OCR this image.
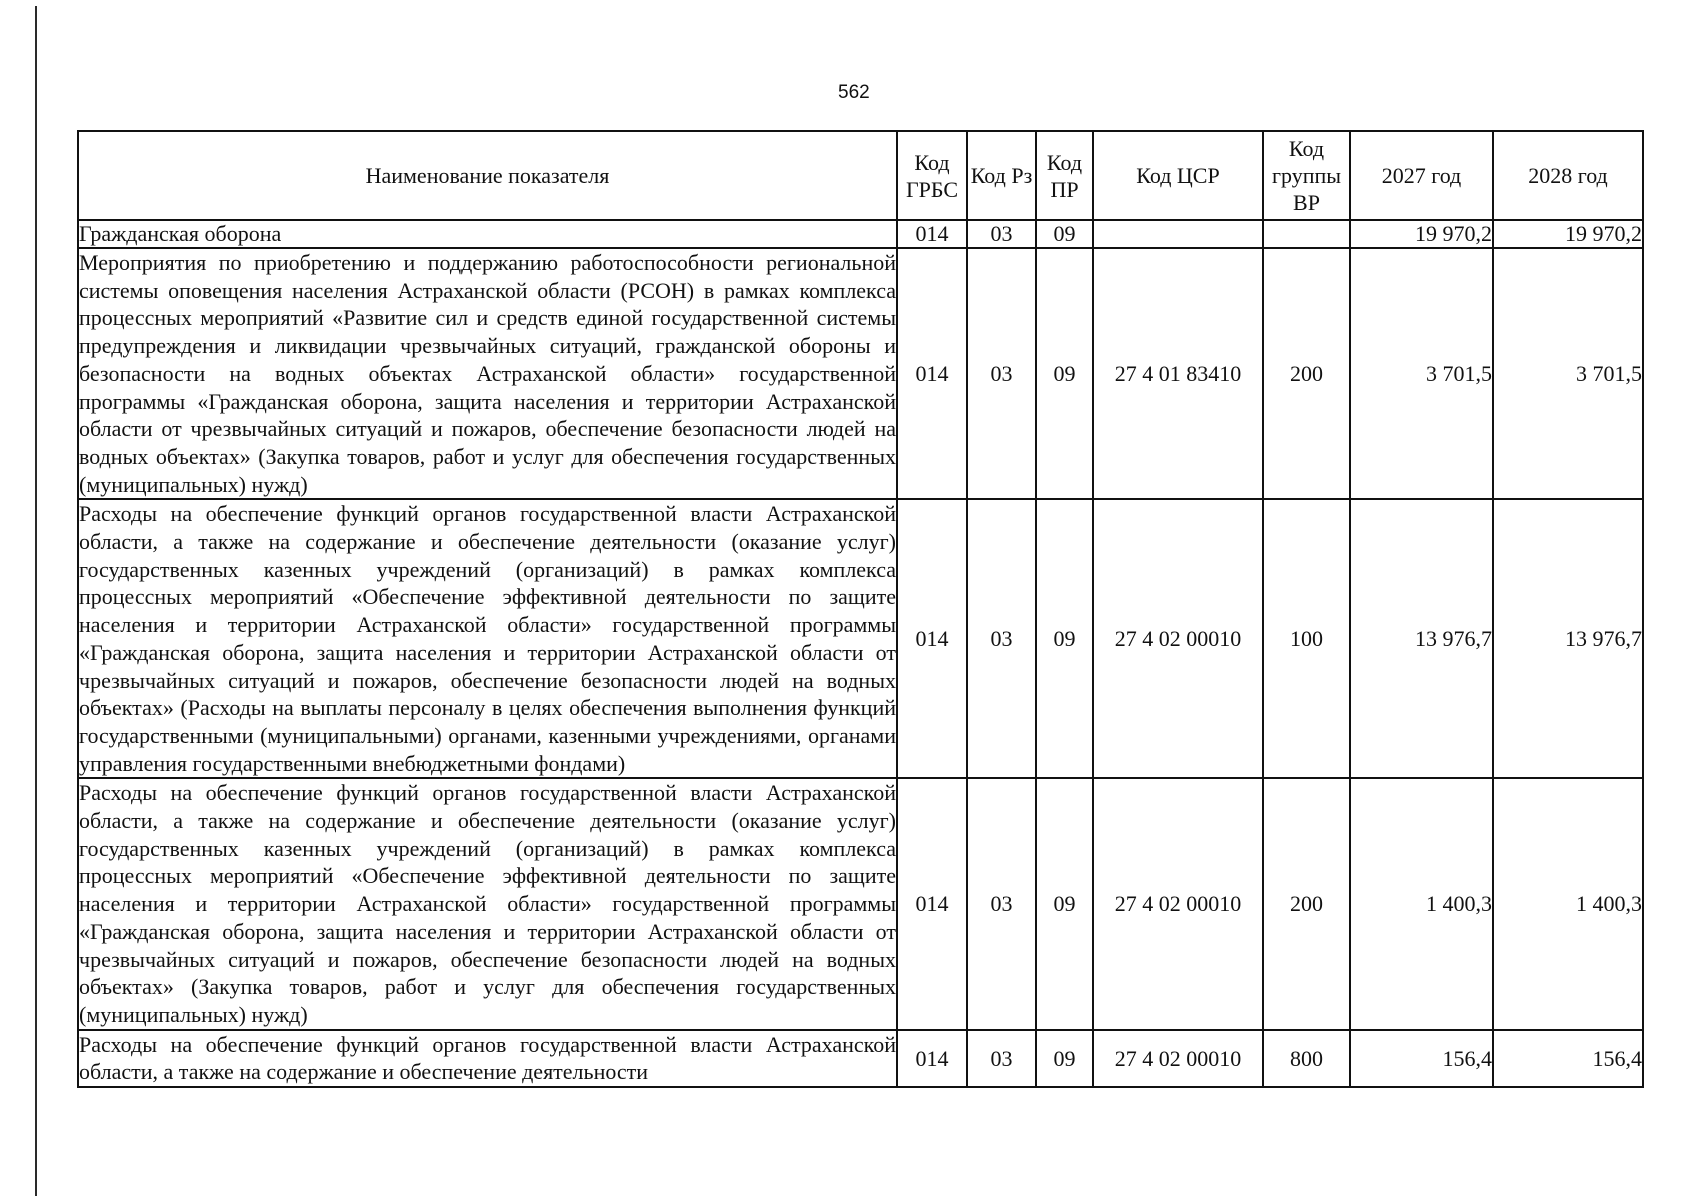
562
Наименование показателя	Код ГРБС	Код Рз	Код ПР	Код ЦСР	Код группы ВР	2027 год	2028 год
Гражданская оборона	014	03	09			19 970,2	19 970,2
Мероприятия по приобретению и поддержанию работоспособности региональной системы оповещения населения Астраханской области (РСОН) в рамках комплекса процессных мероприятий «Развитие сил и средств единой государственной системы предупреждения и ликвидации чрезвычайных ситуаций, гражданской обороны и безопасности на водных объектах Астраханской области» государственной программы «Гражданская оборона, защита населения и территории Астраханской области от чрезвычайных ситуаций и пожаров, обеспечение безопасности людей на водных объектах» (Закупка товаров, работ и услуг для обеспечения государственных (муниципальных) нужд)	014	03	09	27 4 01 83410	200	3 701,5	3 701,5
Расходы на обеспечение функций органов государственной власти Астраханской области, а также на содержание и обеспечение деятельности (оказание услуг) государственных казенных учреждений (организаций) в рамках комплекса процессных мероприятий «Обеспечение эффективной деятельности по защите населения и территории Астраханской области» государственной программы «Гражданская оборона, защита населения и территории Астраханской области от чрезвычайных ситуаций и пожаров, обеспечение безопасности людей на водных объектах» (Расходы на выплаты персоналу в целях обеспечения выполнения функций государственными (муниципальными) органами, казенными учреждениями, органами управления государственными внебюджетными фондами)	014	03	09	27 4 02 00010	100	13 976,7	13 976,7
Расходы на обеспечение функций органов государственной власти Астраханской области, а также на содержание и обеспечение деятельности (оказание услуг) государственных казенных учреждений (организаций) в рамках комплекса процессных мероприятий «Обеспечение эффективной деятельности по защите населения и территории Астраханской области» государственной программы «Гражданская оборона, защита населения и территории Астраханской области от чрезвычайных ситуаций и пожаров, обеспечение безопасности людей на водных объектах» (Закупка товаров, работ и услуг для обеспечения государственных (муниципальных) нужд)	014	03	09	27 4 02 00010	200	1 400,3	1 400,3
Расходы на обеспечение функций органов государственной власти Астраханской области, а также на содержание и обеспечение деятельности	014	03	09	27 4 02 00010	800	156,4	156,4
